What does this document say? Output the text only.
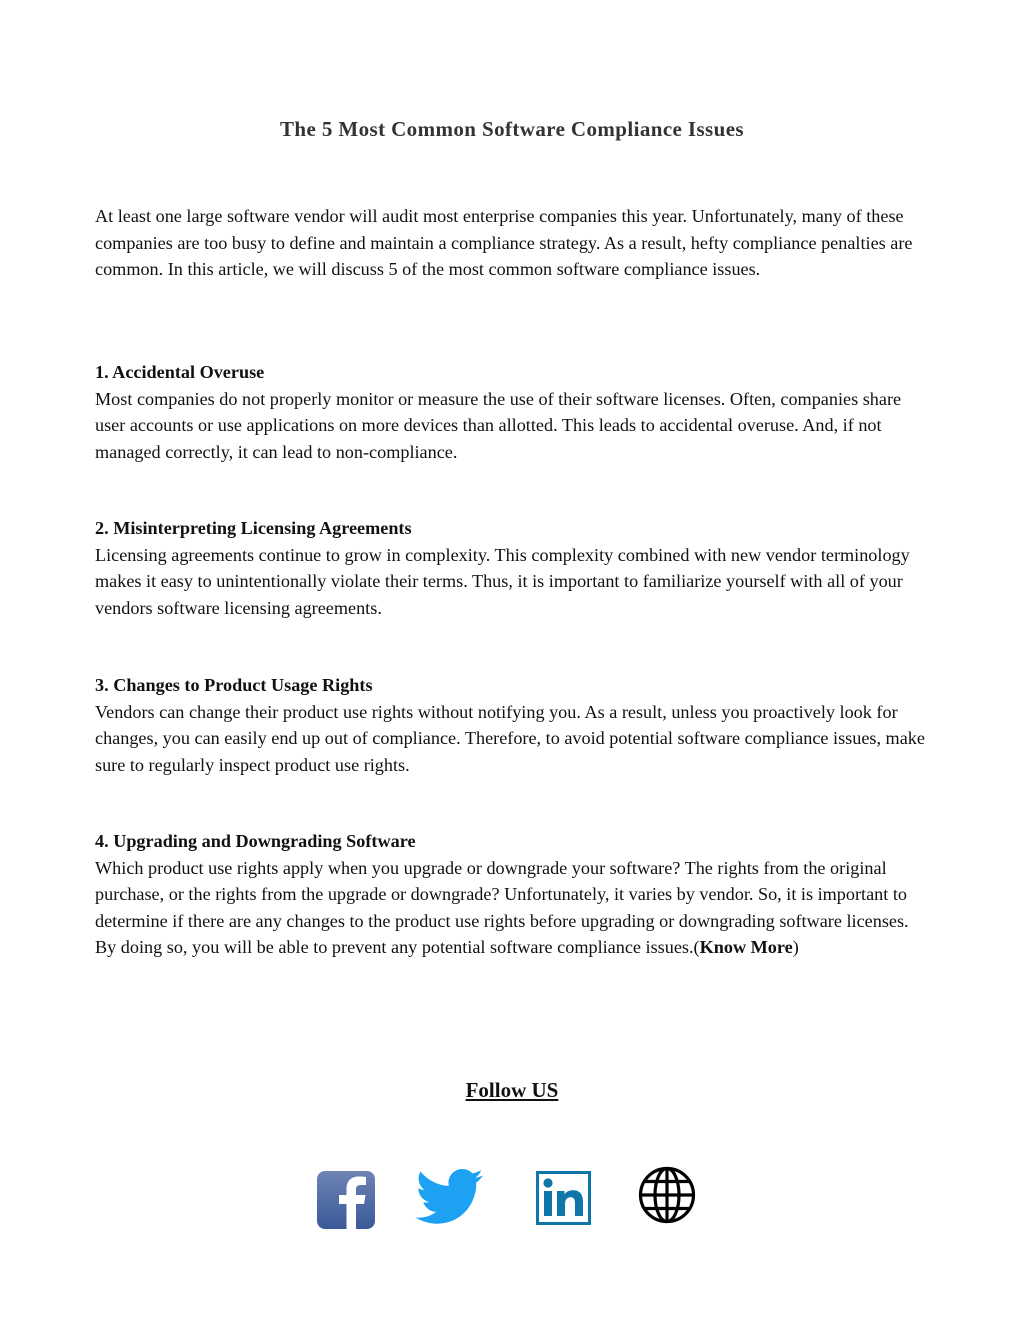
The 5 Most Common Software Compliance Issues

At least one large software vendor will audit most enterprise companies this year. Unfortunately, many of these companies are too busy to define and maintain a compliance strategy. As a result, hefty compliance penalties are common. In this article, we will discuss 5 of the most common software compliance issues.

1. Accidental Overuse

Most companies do not properly monitor or measure the use of their software licenses. Often, companies share user accounts or use applications on more devices than allotted. This leads to accidental overuse. And, if not managed correctly, it can lead to non-compliance.

2. Misinterpreting Licensing Agreements

Licensing agreements continue to grow in complexity. This complexity combined with new vendor terminology makes it easy to unintentionally violate their terms. Thus, it is important to familiarize yourself with all of your vendors software licensing agreements.

3. Changes to Product Usage Rights

Vendors can change their product use rights without notifying you. As a result, unless you proactively look for changes, you can easily end up out of compliance. Therefore, to avoid potential software compliance issues, make sure to regularly inspect product use rights.

4. Upgrading and Downgrading Software

Which product use rights apply when you upgrade or downgrade your software? The rights from the original purchase, or the rights from the upgrade or downgrade? Unfortunately, it varies by vendor. So, it is important to determine if there are any changes to the product use rights before upgrading or downgrading software licenses. By doing so, you will be able to prevent any potential software compliance issues.(Know More)

Follow US
